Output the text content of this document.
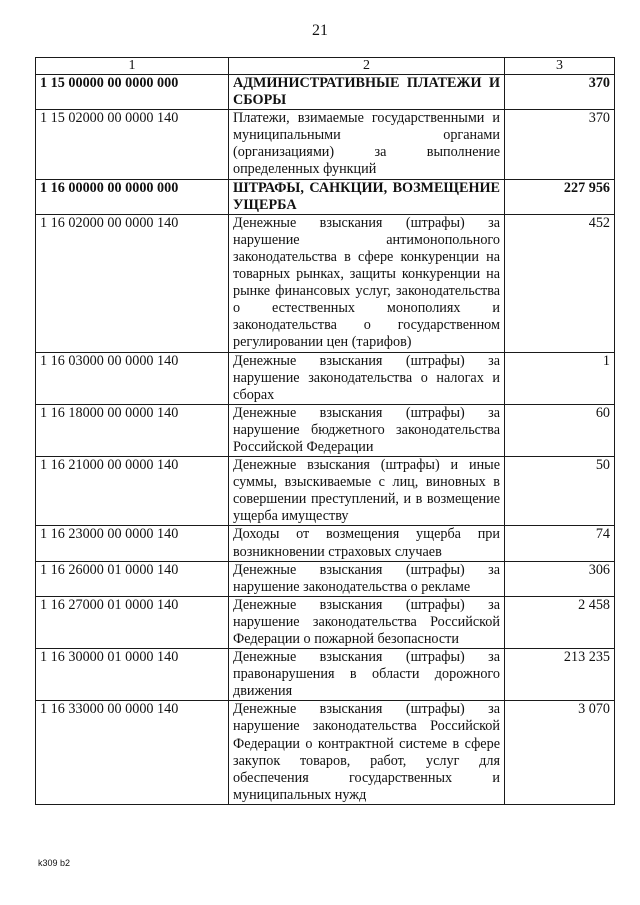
21
1	2	3
1 15 00000 00 0000 000	АДМИНИСТРАТИВНЫЕ ПЛАТЕЖИ И СБОРЫ	370
1 15 02000 00 0000 140	Платежи, взимаемые государственными и муниципальными органами (организациями) за выполнение определенных функций	370
1 16 00000 00 0000 000	ШТРАФЫ, САНКЦИИ, ВОЗМЕЩЕНИЕ УЩЕРБА	227 956
1 16 02000 00 0000 140	Денежные взыскания (штрафы) за нарушение антимонопольного законодательства в сфере конкуренции на товарных рынках, защиты конкуренции на рынке финансовых услуг, законодательства о естественных монополиях и законодательства о государственном регулировании цен (тарифов)	452
1 16 03000 00 0000 140	Денежные взыскания (штрафы) за нарушение законодательства о налогах и сборах	1
1 16 18000 00 0000 140	Денежные взыскания (штрафы) за нарушение бюджетного законодательства Российской Федерации	60
1 16 21000 00 0000 140	Денежные взыскания (штрафы) и иные суммы, взыскиваемые с лиц, виновных в совершении преступлений, и в возмещение ущерба имуществу	50
1 16 23000 00 0000 140	Доходы от возмещения ущерба при возникновении страховых случаев	74
1 16 26000 01 0000 140	Денежные взыскания (штрафы) за нарушение законодательства о рекламе	306
1 16 27000 01 0000 140	Денежные взыскания (штрафы) за нарушение законодательства Российской Федерации о пожарной безопасности	2 458
1 16 30000 01 0000 140	Денежные взыскания (штрафы) за правонарушения в области дорожного движения	213 235
1 16 33000 00 0000 140	Денежные взыскания (штрафы) за нарушение законодательства Российской Федерации о контрактной системе в сфере закупок товаров, работ, услуг для обеспечения государственных и муниципальных нужд	3 070
k309 b2
